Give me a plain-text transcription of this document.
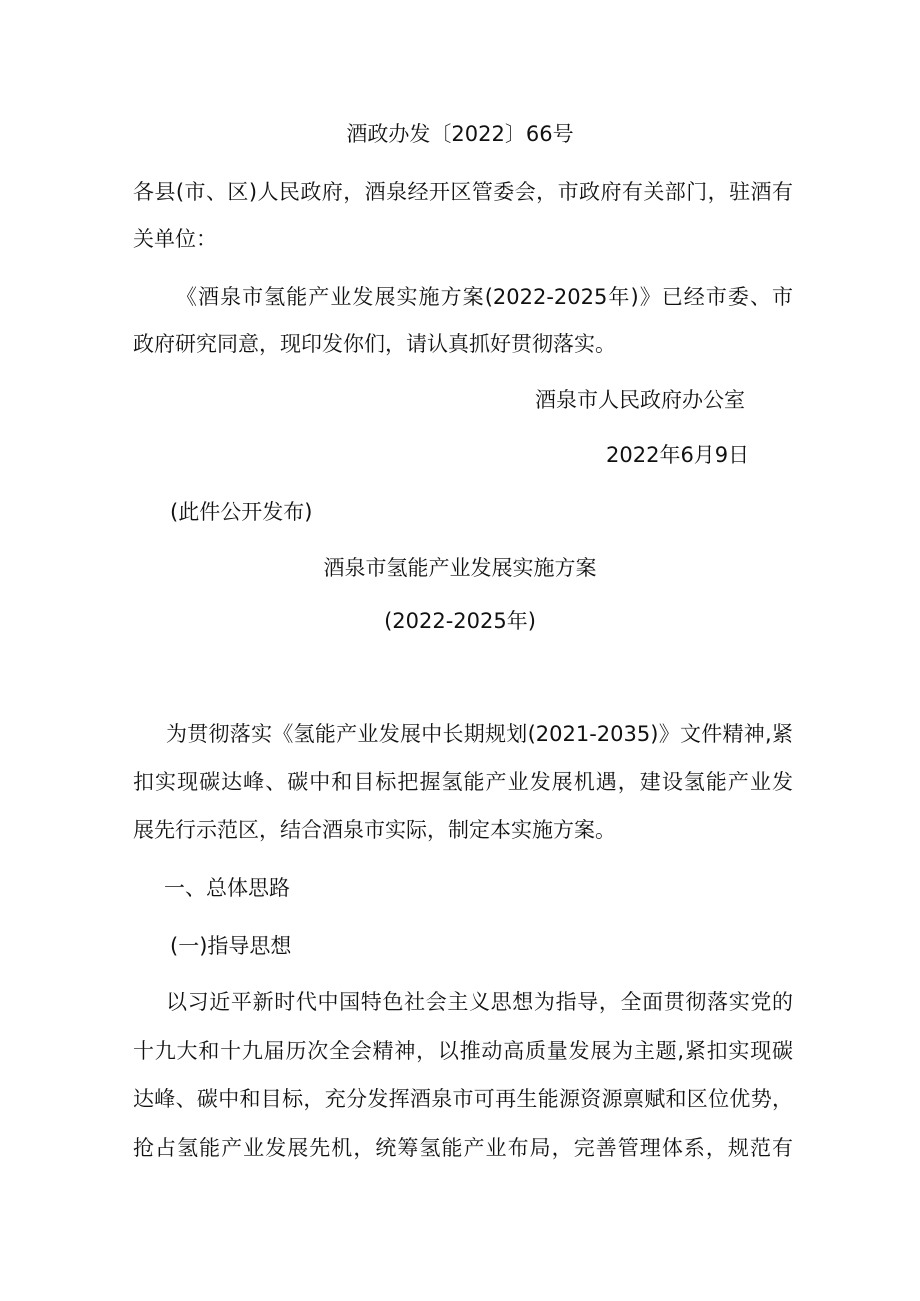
酒政办发〔2022〕66号
各县(市、区)人民政府，酒泉经开区管委会，市政府有关部门，驻酒有
关单位：
《酒泉市氢能产业发展实施方案(2022-2025年)》已经市委、市
政府研究同意，现印发你们，请认真抓好贯彻落实。
酒泉市人民政府办公室
2022年6月9日
(此件公开发布)
酒泉市氢能产业发展实施方案
(2022-2025年)
为贯彻落实《氢能产业发展中长期规划(2021-2035)》文件精神,紧
扣实现碳达峰、碳中和目标把握氢能产业发展机遇，建设氢能产业发
展先行示范区，结合酒泉市实际，制定本实施方案。
一、总体思路
(一)指导思想
以习近平新时代中国特色社会主义思想为指导，全面贯彻落实党的
十九大和十九届历次全会精神，以推动高质量发展为主题,紧扣实现碳
达峰、碳中和目标，充分发挥酒泉市可再生能源资源禀赋和区位优势，
抢占氢能产业发展先机，统筹氢能产业布局，完善管理体系，规范有
